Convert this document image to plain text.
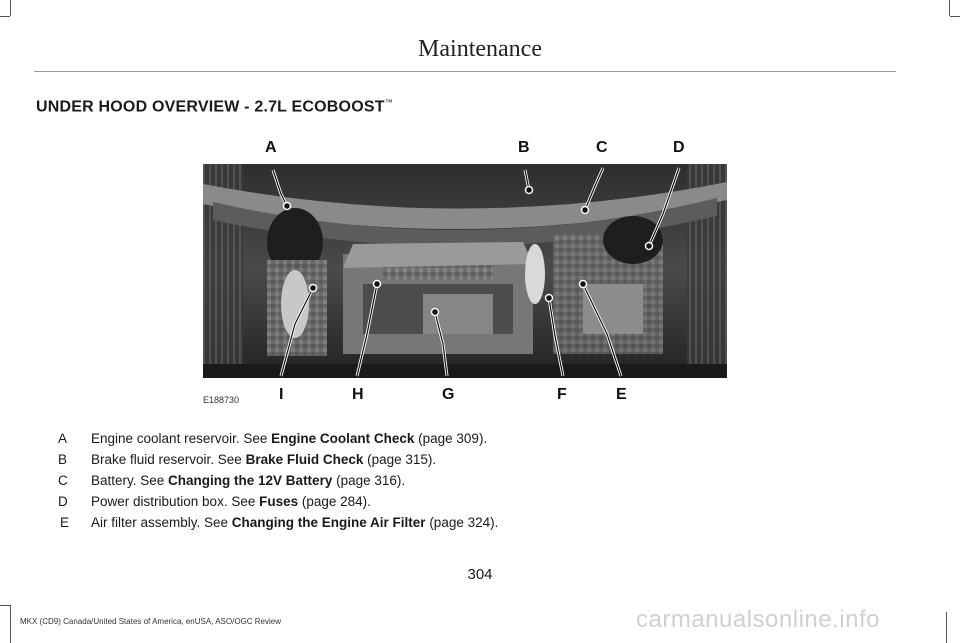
Maintenance
UNDER HOOD OVERVIEW - 2.7L ECOBOOST™
A	B	C	D
I	H	G	F	E
E188730
A	Engine coolant reservoir. See Engine Coolant Check (page 309).
B	Brake fluid reservoir. See Brake Fluid Check (page 315).
C	Battery. See Changing the 12V Battery (page 316).
D	Power distribution box. See Fuses (page 284).
E	Air filter assembly. See Changing the Engine Air Filter (page 324).
304
MKX (CD9) Canada/United States of America, enUSA, ASO/OGC Review	carmanualsonline.info
